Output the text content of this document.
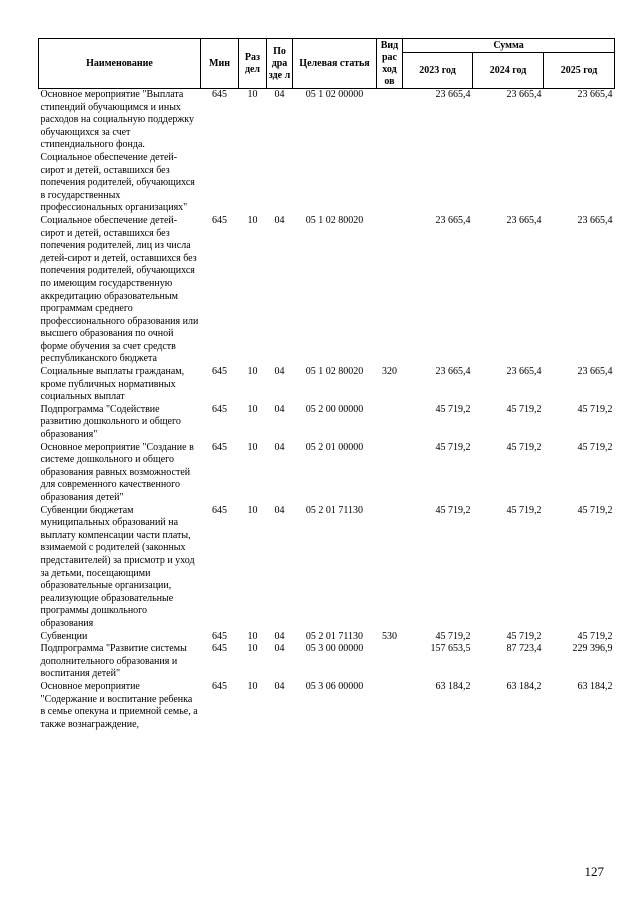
Наименование	Мин	Раз дел	По дра зде л	Целевая статья	Вид рас ход ов	Сумма		
						2023 год	2024 год	2025 год
Основное мероприятие "Выплата стипендий обучающимся и иных расходов на социальную поддержку обучающихся за счет стипендиального фонда. Социальное обеспечение детей-сирот и детей, оставшихся без попечения родителей, обучающихся в государственных профессиональных организациях"	645	10	04	05 1 02 00000		23 665,4	23 665,4	23 665,4
Социальное обеспечение детей-сирот и детей, оставшихся без попечения родителей, лиц из числа детей-сирот и детей, оставшихся без попечения родителей, обучающихся по имеющим государственную аккредитацию образовательным программам среднего профессионального образования или высшего образования по очной форме обучения за счет средств республиканского бюджета	645	10	04	05 1 02 80020		23 665,4	23 665,4	23 665,4
Социальные выплаты гражданам, кроме публичных нормативных социальных выплат	645	10	04	05 1 02 80020	320	23 665,4	23 665,4	23 665,4
Подпрограмма "Содействие развитию дошкольного и общего образования"	645	10	04	05 2 00 00000		45 719,2	45 719,2	45 719,2
Основное мероприятие "Создание в системе дошкольного и общего образования равных возможностей для современного качественного образования детей"	645	10	04	05 2 01 00000		45 719,2	45 719,2	45 719,2
Субвенции бюджетам муниципальных образований на выплату компенсации части платы, взимаемой с родителей (законных представителей) за присмотр и уход за детьми, посещающими образовательные организации, реализующие образовательные программы дошкольного образования	645	10	04	05 2 01 71130		45 719,2	45 719,2	45 719,2
Субвенции	645	10	04	05 2 01 71130	530	45 719,2	45 719,2	45 719,2
Подпрограмма "Развитие системы дополнительного образования и воспитания детей"	645	10	04	05 3 00 00000		157 653,5	87 723,4	229 396,9
Основное мероприятие "Содержание и воспитание ребенка в семье опекуна и приемной семье, а также вознаграждение,	645	10	04	05 3 06 00000		63 184,2	63 184,2	63 184,2
127
